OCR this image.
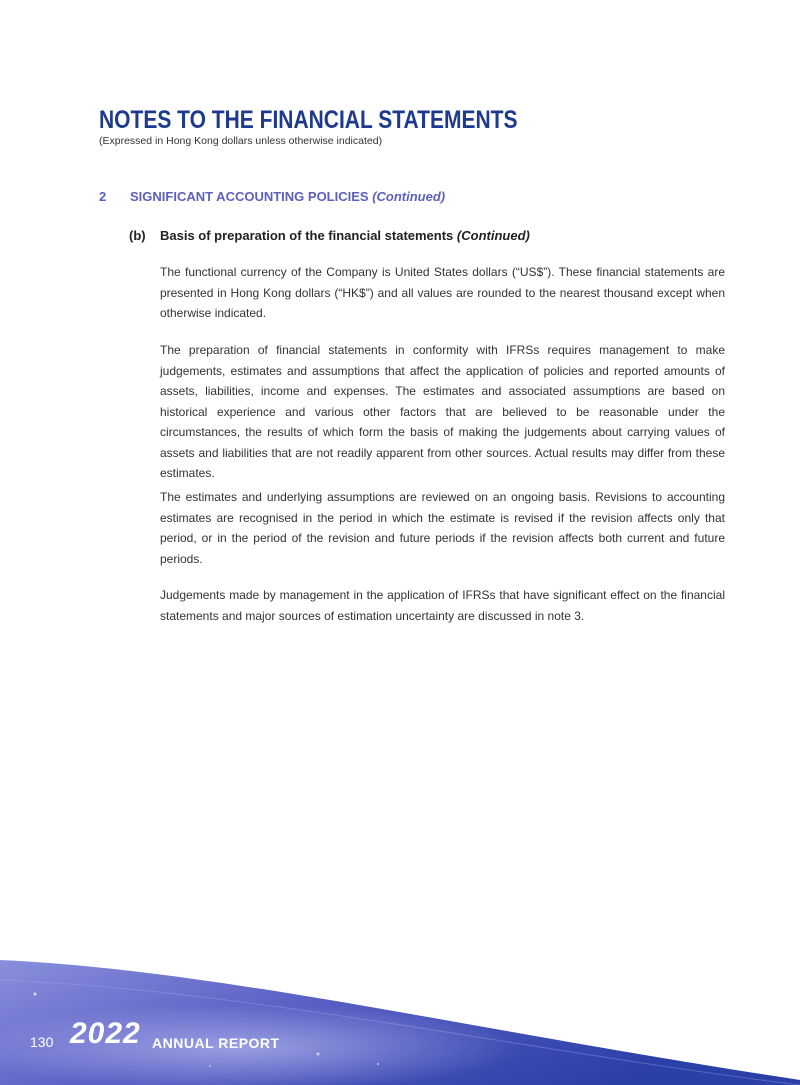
NOTES TO THE FINANCIAL STATEMENTS
(Expressed in Hong Kong dollars unless otherwise indicated)
2 SIGNIFICANT ACCOUNTING POLICIES (Continued)
(b) Basis of preparation of the financial statements (Continued)

The functional currency of the Company is United States dollars (“US$”). These financial statements are presented in Hong Kong dollars (“HK$”) and all values are rounded to the nearest thousand except when otherwise indicated.

The preparation of financial statements in conformity with IFRSs requires management to make judgements, estimates and assumptions that affect the application of policies and reported amounts of assets, liabilities, income and expenses. The estimates and associated assumptions are based on historical experience and various other factors that are believed to be reasonable under the circumstances, the results of which form the basis of making the judgements about carrying values of assets and liabilities that are not readily apparent from other sources. Actual results may differ from these estimates.

The estimates and underlying assumptions are reviewed on an ongoing basis. Revisions to accounting estimates are recognised in the period in which the estimate is revised if the revision affects only that period, or in the period of the revision and future periods if the revision affects both current and future periods.

Judgements made by management in the application of IFRSs that have significant effect on the financial statements and major sources of estimation uncertainty are discussed in note 3.

130 2022 ANNUAL REPORT
